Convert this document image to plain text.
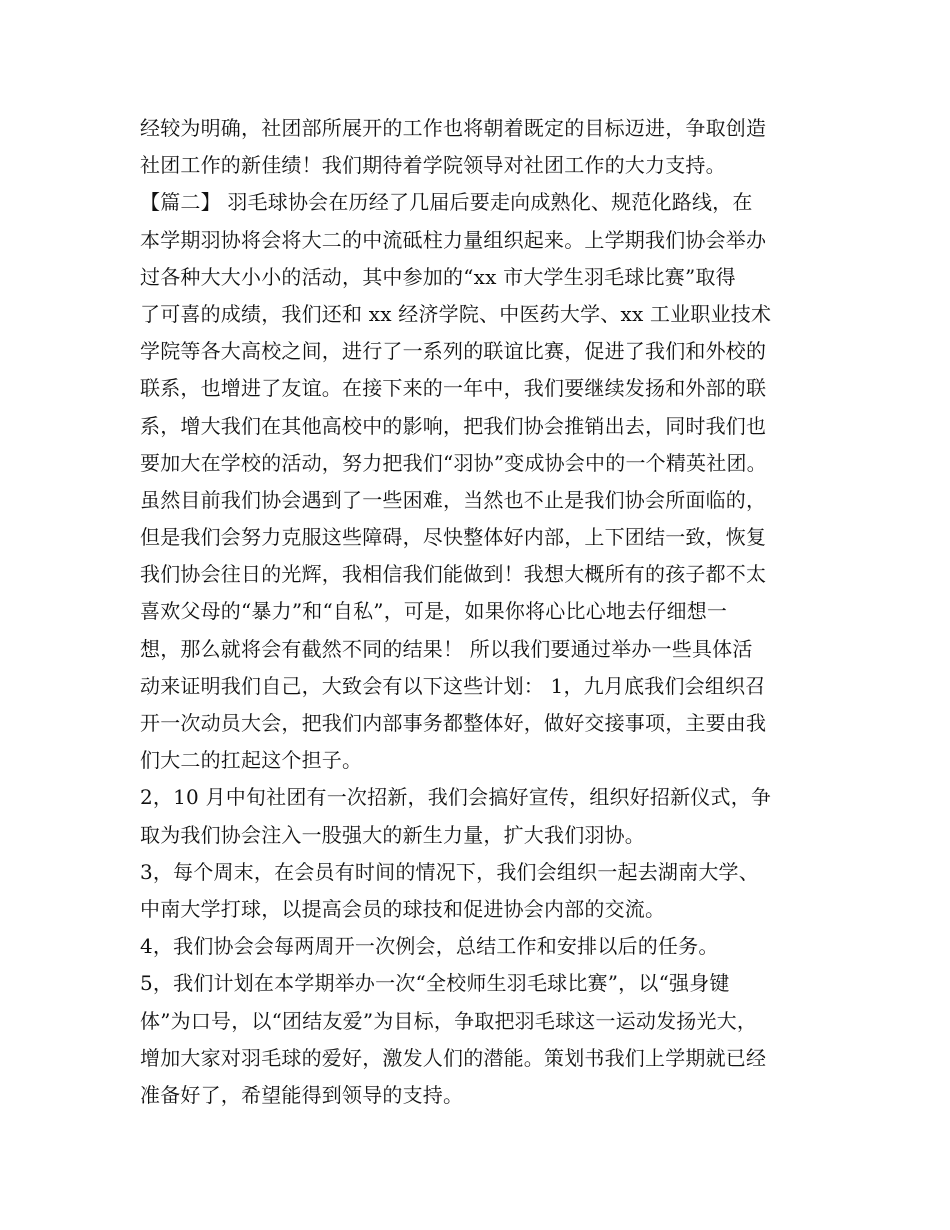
经较为明确，社团部所展开的工作也将朝着既定的目标迈进，争取创造
社团工作的新佳绩！我们期待着学院领导对社团工作的大力支持。
【篇二】 羽毛球协会在历经了几届后要走向成熟化、规范化路线，在
本学期羽协将会将大二的中流砥柱力量组织起来。上学期我们协会举办
过各种大大小小的活动，其中参加的“xx 市大学生羽毛球比赛”取得
了可喜的成绩，我们还和 xx 经济学院、中医药大学、xx 工业职业技术
学院等各大高校之间，进行了一系列的联谊比赛，促进了我们和外校的
联系，也增进了友谊。在接下来的一年中，我们要继续发扬和外部的联
系，增大我们在其他高校中的影响，把我们协会推销出去，同时我们也
要加大在学校的活动，努力把我们“羽协”变成协会中的一个精英社团。
虽然目前我们协会遇到了一些困难，当然也不止是我们协会所面临的，
但是我们会努力克服这些障碍，尽快整体好内部，上下团结一致，恢复
我们协会往日的光辉，我相信我们能做到！我想大概所有的孩子都不太
喜欢父母的“暴力”和“自私”，可是，如果你将心比心地去仔细想一
想，那么就将会有截然不同的结果！ 所以我们要通过举办一些具体活
动来证明我们自己，大致会有以下这些计划： 1，九月底我们会组织召
开一次动员大会，把我们内部事务都整体好，做好交接事项，主要由我
们大二的扛起这个担子。
2，10 月中旬社团有一次招新，我们会搞好宣传，组织好招新仪式，争
取为我们协会注入一股强大的新生力量，扩大我们羽协。
3，每个周末，在会员有时间的情况下，我们会组织一起去湖南大学、
中南大学打球，以提高会员的球技和促进协会内部的交流。
4，我们协会会每两周开一次例会，总结工作和安排以后的任务。
5，我们计划在本学期举办一次“全校师生羽毛球比赛”，以“强身键
体”为口号，以“团结友爱”为目标，争取把羽毛球这一运动发扬光大，
增加大家对羽毛球的爱好，激发人们的潜能。策划书我们上学期就已经
准备好了，希望能得到领导的支持。
